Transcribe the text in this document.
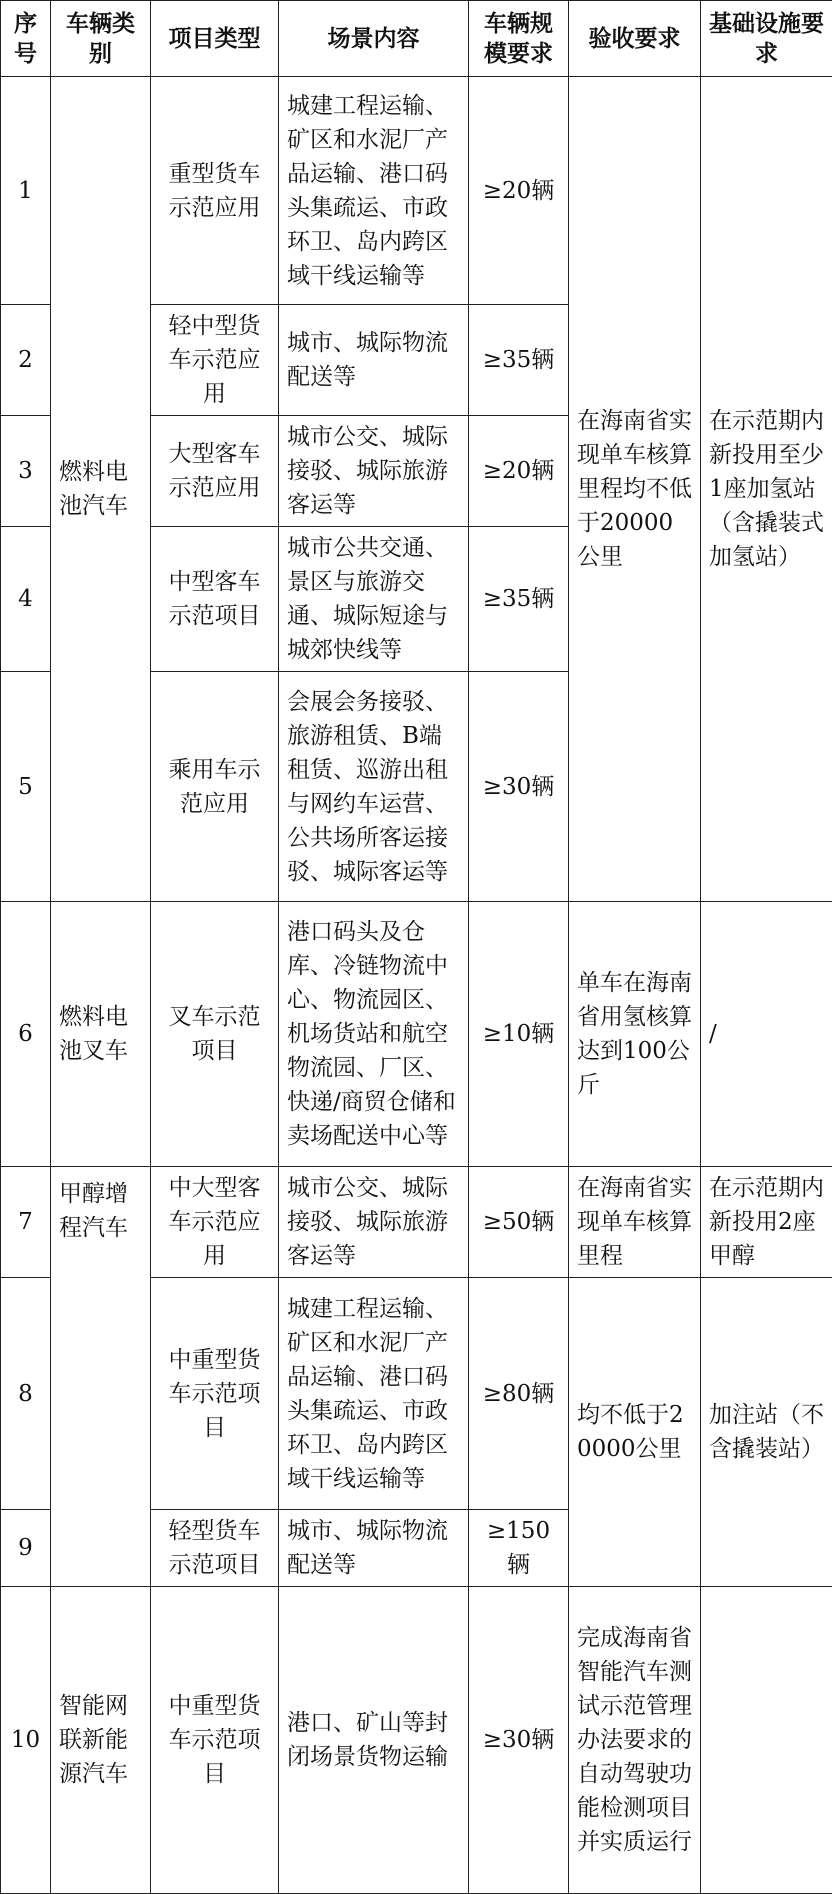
序号	车辆类别	项目类型	场景内容	车辆规模要求	验收要求	基础设施要求
1	燃料电池汽车	重型货车示范应用	城建工程运输、矿区和水泥厂产品运输、港口码头集疏运、市政环卫、岛内跨区域干线运输等	≥20辆	在海南省实现单车核算里程均不低于20000公里	在示范期内新投用至少1座加氢站（含撬装式加氢站）
2		轻中型货车示范应用	城市、城际物流配送等	≥35辆		
3		大型客车示范应用	城市公交、城际接驳、城际旅游客运等	≥20辆		
4		中型客车示范项目	城市公共交通、景区与旅游交通、城际短途与城郊快线等	≥35辆		
5		乘用车示范应用	会展会务接驳、旅游租赁、B端租赁、巡游出租与网约车运营、公共场所客运接驳、城际客运等	≥30辆		
6	燃料电池叉车	叉车示范项目	港口码头及仓库、冷链物流中心、物流园区、机场货站和航空物流园、厂区、快递/商贸仓储和卖场配送中心等	≥10辆	单车在海南省用氢核算达到100公斤	/
7	甲醇增程汽车	中大型客车示范应用	城市公交、城际接驳、城际旅游客运等	≥50辆	在海南省实现单车核算里程	在示范期内新投用2座甲醇
8		中重型货车示范项目	城建工程运输、矿区和水泥厂产品运输、港口码头集疏运、市政环卫、岛内跨区域干线运输等	≥80辆	均不低于20000公里	加注站（不含撬装站）
9		轻型货车示范项目	城市、城际物流配送等	≥150辆		
10	智能网联新能源汽车	中重型货车示范项目	港口、矿山等封闭场景货物运输	≥30辆	完成海南省智能汽车测试示范管理办法要求的自动驾驶功能检测项目并实质运行	
